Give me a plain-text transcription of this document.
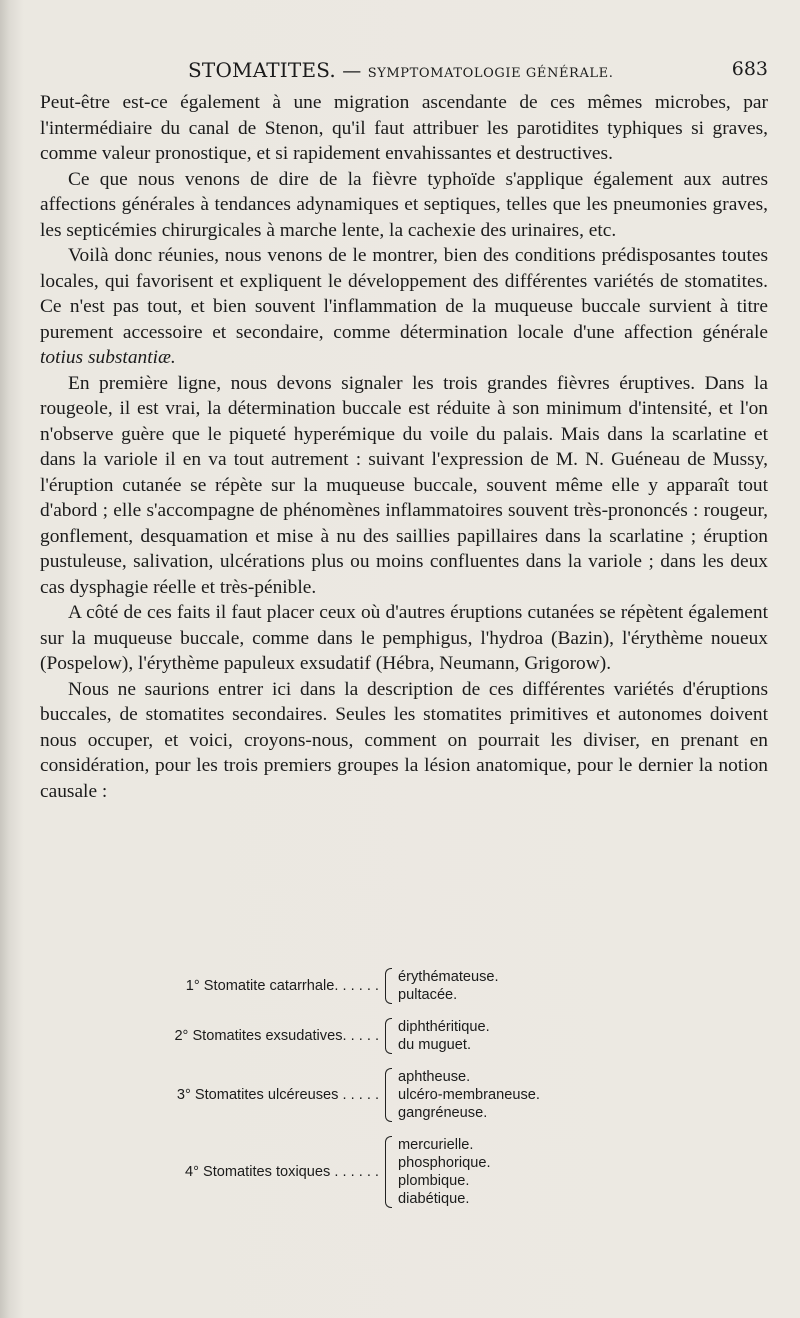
STOMATITES. — SYMPTOMATOLOGIE GÉNÉRALE.	683

Peut-être est-ce également à une migration ascendante de ces mêmes microbes, par l'intermédiaire du canal de Stenon, qu'il faut attribuer les parotidites typhiques si graves, comme valeur pronostique, et si rapidement envahissantes et destructives.

Ce que nous venons de dire de la fièvre typhoïde s'applique également aux autres affections générales à tendances adynamiques et septiques, telles que les pneumonies graves, les septicémies chirurgicales à marche lente, la cachexie des urinaires, etc.

Voilà donc réunies, nous venons de le montrer, bien des conditions prédisposantes toutes locales, qui favorisent et expliquent le développement des différentes variétés de stomatites. Ce n'est pas tout, et bien souvent l'inflammation de la muqueuse buccale survient à titre purement accessoire et secondaire, comme détermination locale d'une affection générale totius substantiæ.

En première ligne, nous devons signaler les trois grandes fièvres éruptives. Dans la rougeole, il est vrai, la détermination buccale est réduite à son minimum d'intensité, et l'on n'observe guère que le piqueté hyperémique du voile du palais. Mais dans la scarlatine et dans la variole il en va tout autrement : suivant l'expression de M. N. Guéneau de Mussy, l'éruption cutanée se répète sur la muqueuse buccale, souvent même elle y apparaît tout d'abord ; elle s'accompagne de phénomènes inflammatoires souvent très-prononcés : rougeur, gonflement, desquamation et mise à nu des saillies papillaires dans la scarlatine ; éruption pustuleuse, salivation, ulcérations plus ou moins confluentes dans la variole ; dans les deux cas dysphagie réelle et très-pénible.

A côté de ces faits il faut placer ceux où d'autres éruptions cutanées se répètent également sur la muqueuse buccale, comme dans le pemphigus, l'hydroa (Bazin), l'érythème noueux (Pospelow), l'érythème papuleux exsudatif (Hébra, Neumann, Grigorow).

Nous ne saurions entrer ici dans la description de ces différentes variétés d'éruptions buccales, de stomatites secondaires. Seules les stomatites primitives et autonomes doivent nous occuper, et voici, croyons-nous, comment on pourrait les diviser, en prenant en considération, pour les trois premiers groupes la lésion anatomique, pour le dernier la notion causale :

1° Stomatite catarrhale. . . . . .
érythémateuse.
pultacée.
2° Stomatites exsudatives. . . . .
diphthéritique.
du muguet.
3° Stomatites ulcéreuses . . . . .
aphtheuse.
ulcéro-membraneuse.
gangréneuse.
4° Stomatites toxiques . . . . . .
mercurielle.
phosphorique.
plombique.
diabétique.
